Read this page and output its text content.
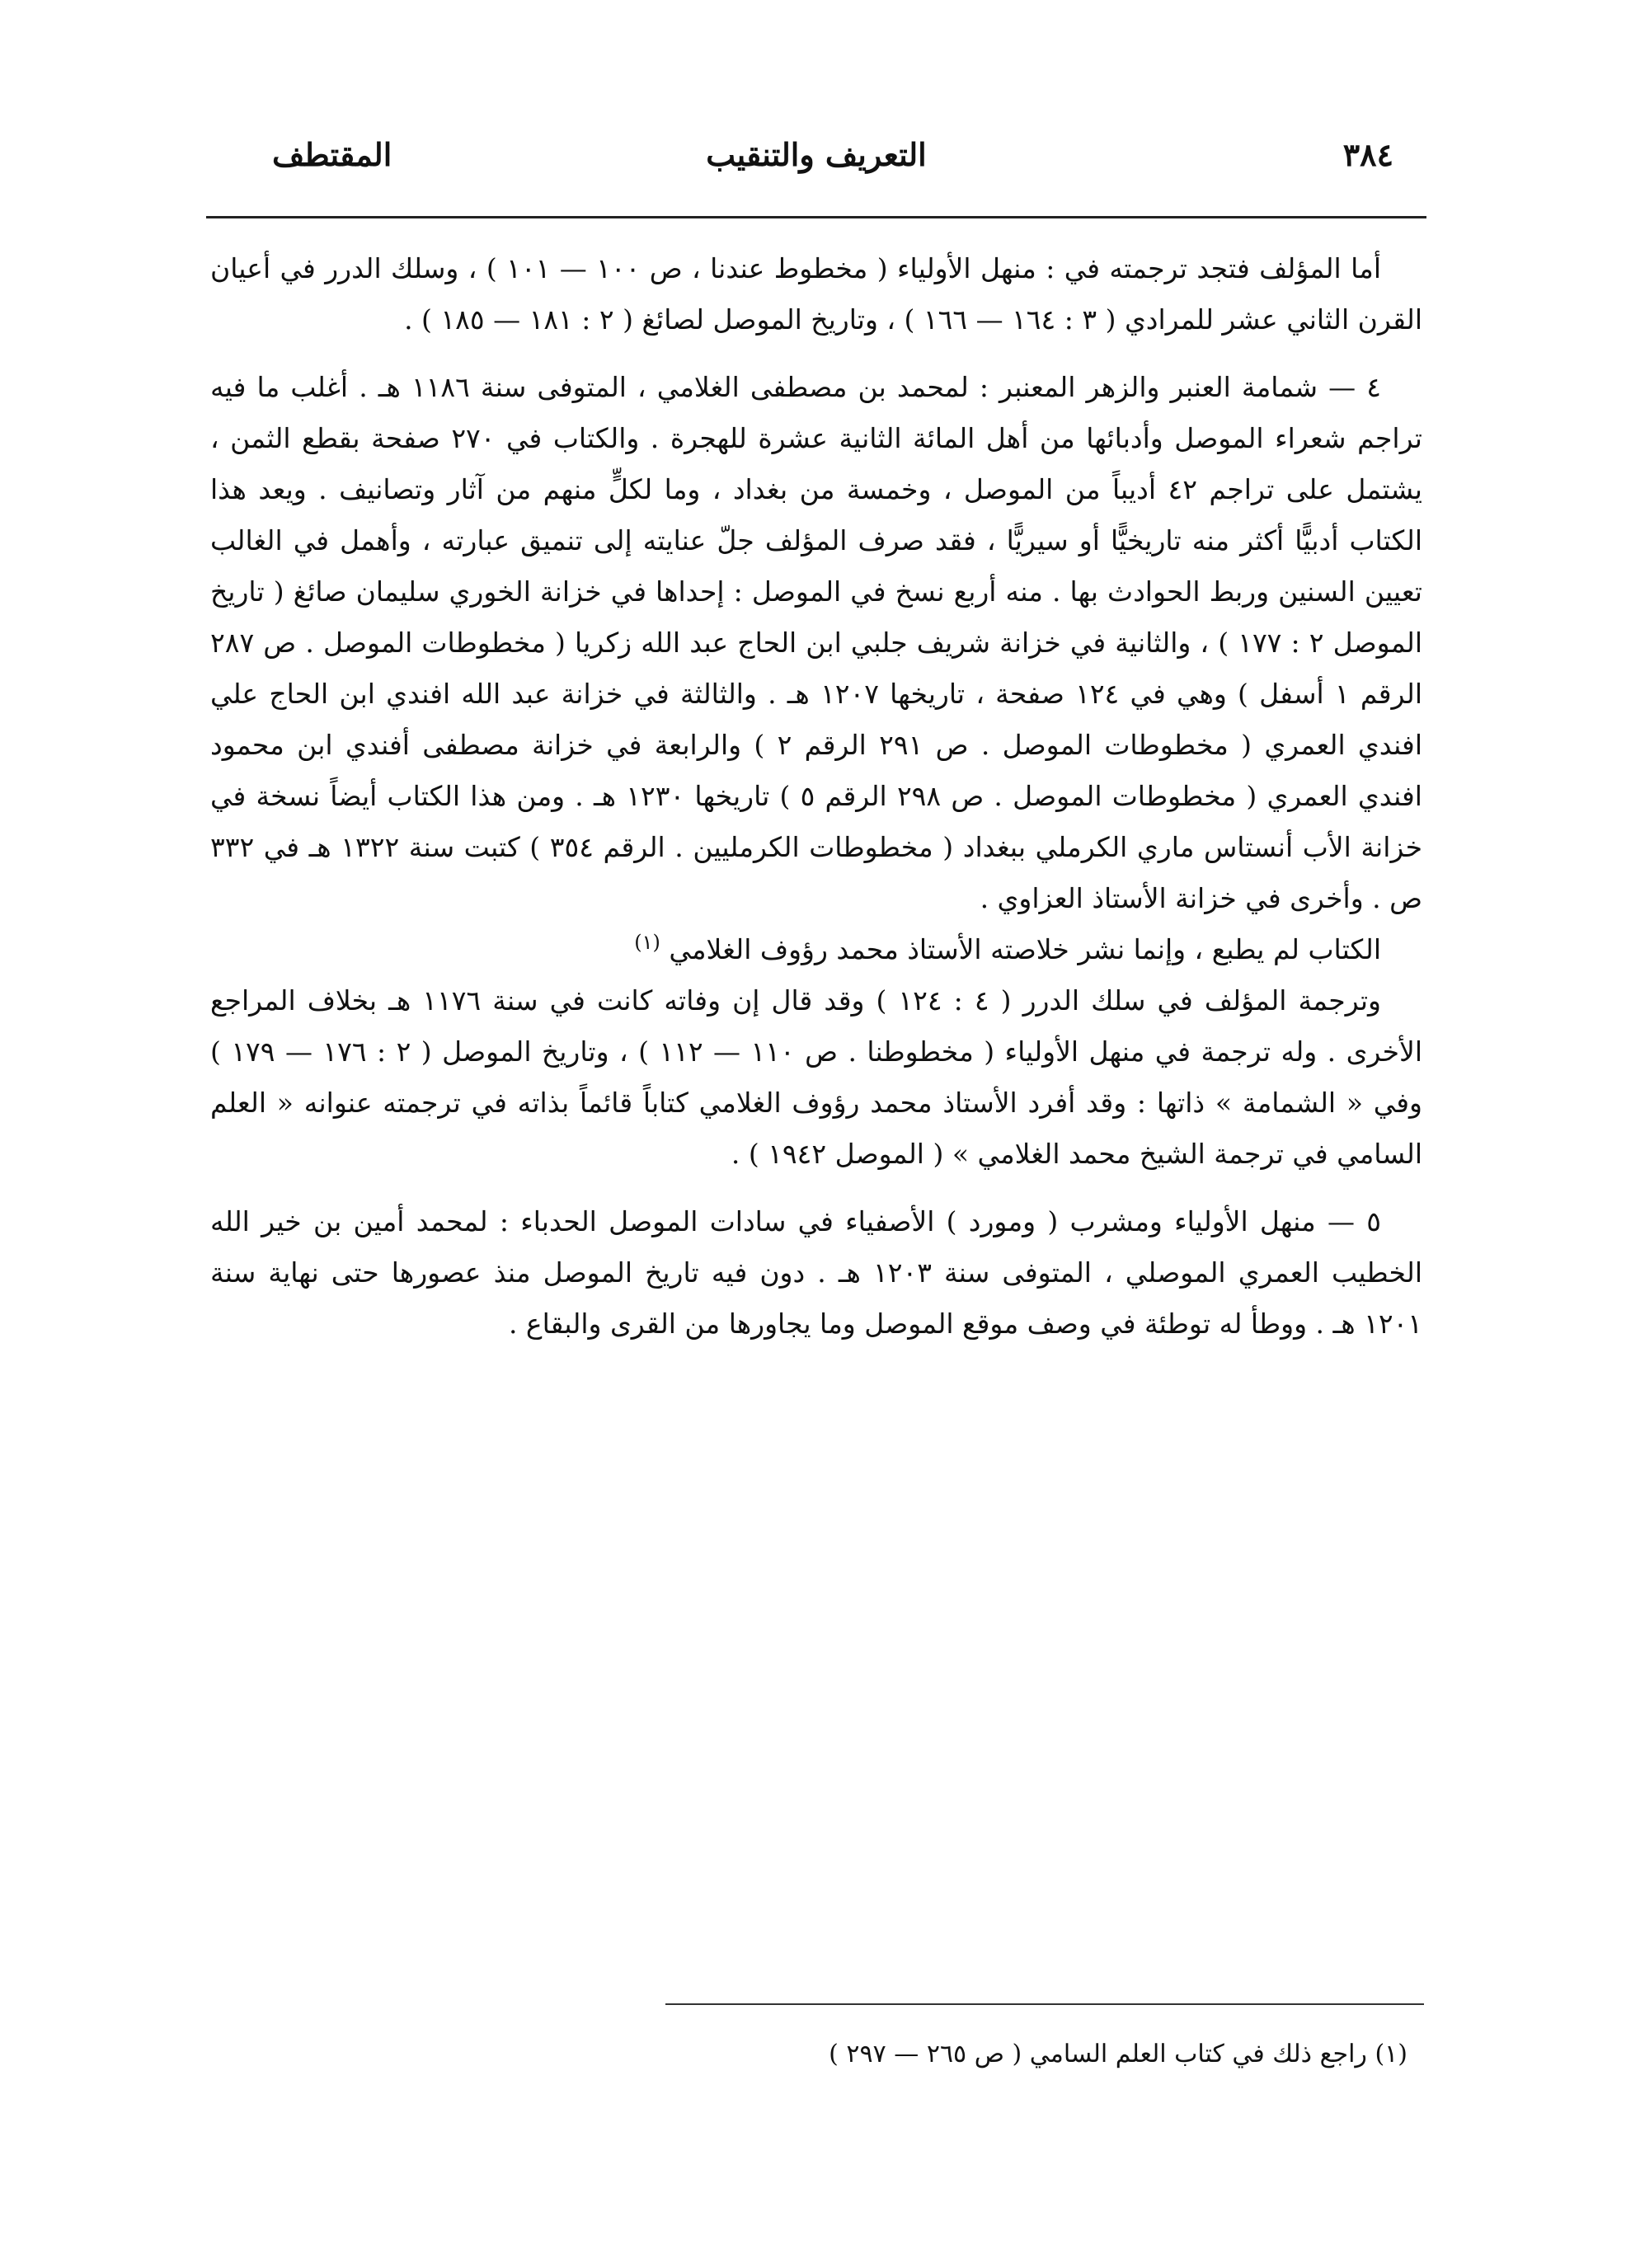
٣٨٤
التعريف والتنقيب
المقتطف

أما المؤلف فتجد ترجمته في : منهل الأولياء ( مخطوط عندنا ، ص ١٠٠ — ١٠١ ) ، وسلك الدرر في أعيان القرن الثاني عشر للمرادي ( ٣ : ١٦٤ — ١٦٦ ) ، وتاريخ الموصل لصائغ ( ٢ : ١٨١ — ١٨٥ ) .

٤ — شمامة العنبر والزهر المعنبر : لمحمد بن مصطفى الغلامي ، المتوفى سنة ١١٨٦ هـ . أغلب ما فيه تراجم شعراء الموصل وأدبائها من أهل المائة الثانية عشرة للهجرة . والكتاب في ٢٧٠ صفحة بقطع الثمن ، يشتمل على تراجم ٤٢ أديباً من الموصل ، وخمسة من بغداد ، وما لكلٍّ منهم من آثار وتصانيف . ويعد هذا الكتاب أدبيًّا أكثر منه تاريخيًّا أو سيريًّا ، فقد صرف المؤلف جلّ عنايته إلى تنميق عبارته ، وأهمل في الغالب تعيين السنين وربط الحوادث بها . منه أربع نسخ في الموصل : إحداها في خزانة الخوري سليمان صائغ ( تاريخ الموصل ٢ : ١٧٧ ) ، والثانية في خزانة شريف جلبي ابن الحاج عبد الله زكريا ( مخطوطات الموصل . ص ٢٨٧ الرقم ١ أسفل ) وهي في ١٢٤ صفحة ، تاريخها ١٢٠٧ هـ . والثالثة في خزانة عبد الله افندي ابن الحاج علي افندي العمري ( مخطوطات الموصل . ص ٢٩١ الرقم ٢ ) والرابعة في خزانة مصطفى أفندي ابن محمود افندي العمري ( مخطوطات الموصل . ص ٢٩٨ الرقم ٥ ) تاريخها ١٢٣٠ هـ . ومن هذا الكتاب أيضاً نسخة في خزانة الأب أنستاس ماري الكرملي ببغداد ( مخطوطات الكرمليين . الرقم ٣٥٤ ) كتبت سنة ١٣٢٢ هـ في ٣٣٢ ص . وأخرى في خزانة الأستاذ العزاوي .

الكتاب لم يطبع ، وإنما نشر خلاصته الأستاذ محمد رؤوف الغلامي $^{(١)}$

وترجمة المؤلف في سلك الدرر ( ٤ : ١٢٤ ) وقد قال إن وفاته كانت في سنة ١١٧٦ هـ بخلاف المراجع الأخرى . وله ترجمة في منهل الأولياء ( مخطوطنا . ص ١١٠ — ١١٢ ) ، وتاريخ الموصل ( ٢ : ١٧٦ — ١٧٩ ) وفي « الشمامة » ذاتها : وقد أفرد الأستاذ محمد رؤوف الغلامي كتاباً قائماً بذاته في ترجمته عنوانه « العلم السامي في ترجمة الشيخ محمد الغلامي » ( الموصل ١٩٤٢ ) .

٥ — منهل الأولياء ومشرب ( ومورد ) الأصفياء في سادات الموصل الحدباء : لمحمد أمين بن خير الله الخطيب العمري الموصلي ، المتوفى سنة ١٢٠٣ هـ . دون فيه تاريخ الموصل منذ عصورها حتى نهاية سنة ١٢٠١ هـ . ووطأ له توطئة في وصف موقع الموصل وما يجاورها من القرى والبقاع .

(١) راجع ذلك في كتاب العلم السامي ( ص ٢٦٥ — ٢٩٧ )
